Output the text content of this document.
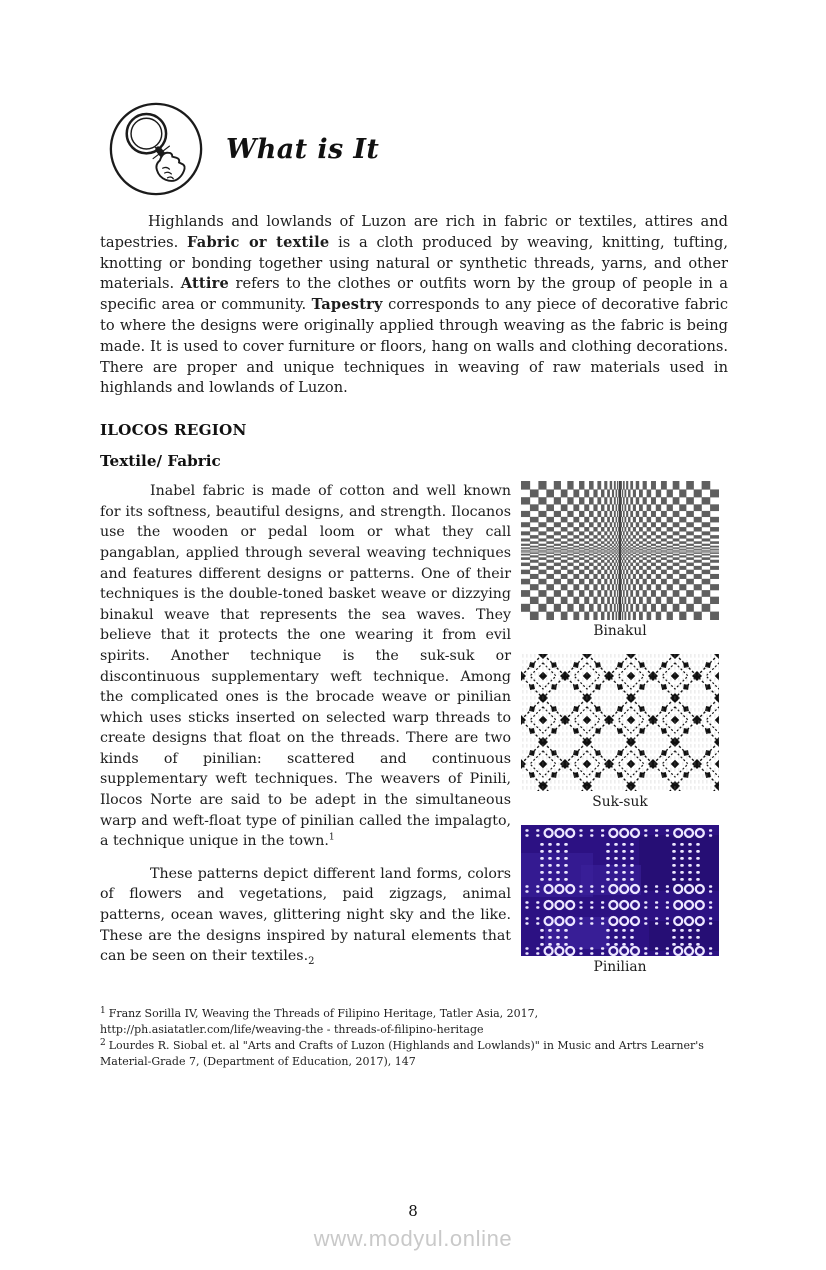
What is It

Highlands and lowlands of Luzon are rich in fabric or textiles, attires and tapestries. Fabric or textile is a cloth produced by weaving, knitting, tufting, knotting or bonding together using natural or synthetic threads, yarns, and other materials. Attire refers to the clothes or outfits worn by the group of people in a specific area or community. Tapestry corresponds to any piece of decorative fabric to where the designs were originally applied through weaving as the fabric is being made. It is used to cover furniture or floors, hang on walls and clothing decorations. There are proper and unique techniques in weaving of raw materials used in highlands and lowlands of Luzon.

ILOCOS REGION
Textile/ Fabric

Inabel fabric is made of cotton and well known for its softness, beautiful designs, and strength. Ilocanos use the wooden or pedal loom or what they call pangablan, applied through several weaving techniques and features different designs or patterns. One of their techniques is the double-toned basket weave or dizzying binakul weave that represents the sea waves. They believe that it protects the one wearing it from evil spirits. Another technique is the suk-suk or discontinuous supplementary weft technique. Among the complicated ones is the brocade weave or pinilian which uses sticks inserted on selected warp threads to create designs that float on the threads. There are two kinds of pinilian: scattered and continuous supplementary weft techniques. The weavers of Pinili, Ilocos Norte are said to be adept in the simultaneous warp and weft-float type of pinilian called the impalagto, a technique unique in the town.$^1$

These patterns depict different land forms, colors of flowers and vegetations, paid zigzags, animal patterns, ocean waves, glittering night sky and the like. These are the designs inspired by natural elements that can be seen on their $textiles._2$

Binakul
Suk-suk
Pinilian
$^1$ Franz Sorilla IV, Weaving the Threads of Filipino Heritage, Tatler Asia, 2017, http://ph.asiatatler.com/life/weaving-the - threads-of-filipino-heritage
$^2$ Lourdes R. Siobal et. al "Arts and Crafts of Luzon (Highlands and Lowlands)" in Music and Artrs Learner's Material-Grade 7, (Department of Education, 2017), 147
8
www.modyul.online
